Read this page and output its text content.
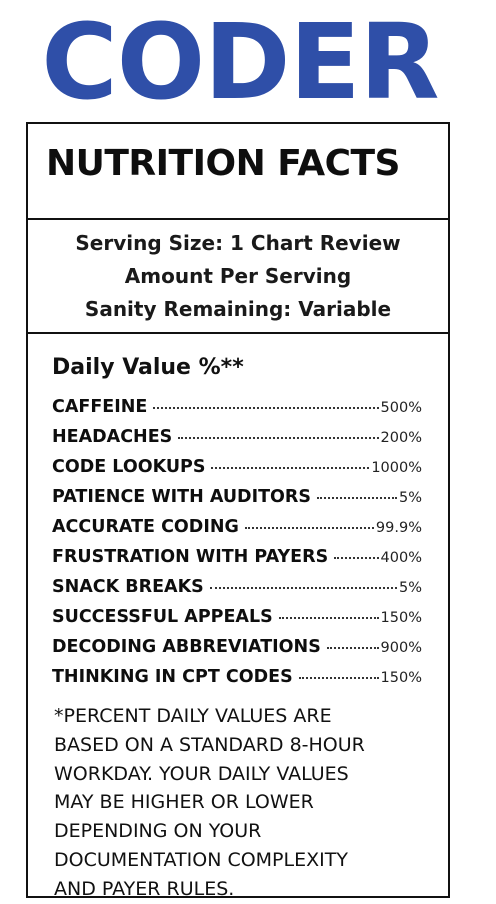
CODER
NUTRITION FACTS
Serving Size: 1 Chart Review
Amount Per Serving
Sanity Remaining: Variable
Daily Value %**
CAFFEINE	500%
HEADACHES	200%
CODE LOOKUPS	1000%
PATIENCE WITH AUDITORS	5%
ACCURATE CODING	99.9%
FRUSTRATION WITH PAYERS	400%
SNACK BREAKS	5%
SUCCESSFUL APPEALS	150%
DECODING ABBREVIATIONS	900%
THINKING IN CPT CODES	150%
*PERCENT DAILY VALUES ARE
BASED ON A STANDARD 8-HOUR
WORKDAY. YOUR DAILY VALUES
MAY BE HIGHER OR LOWER
DEPENDING ON YOUR
DOCUMENTATION COMPLEXITY
AND PAYER RULES.
